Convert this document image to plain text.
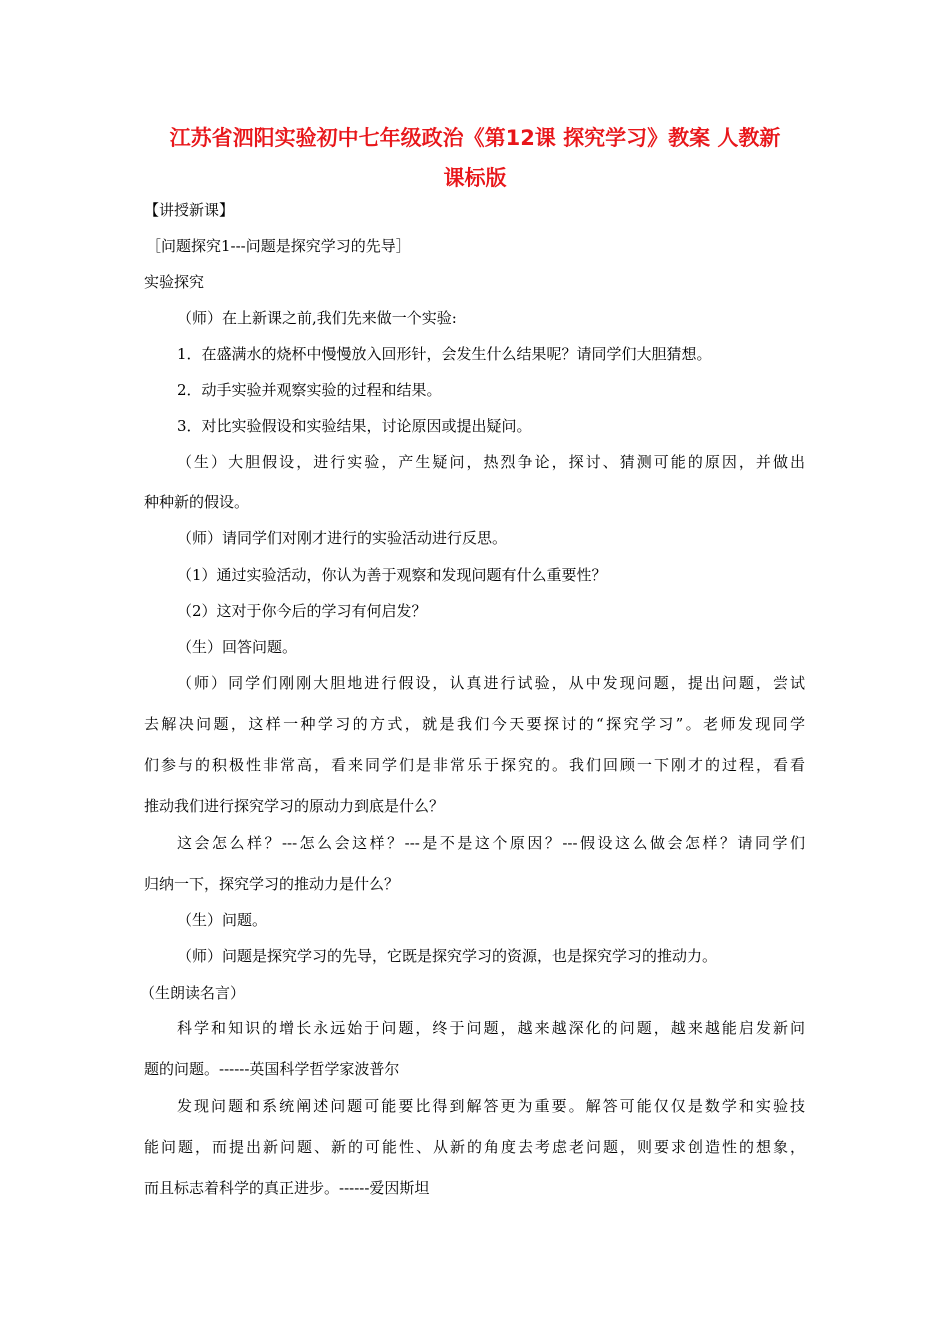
江苏省泗阳实验初中七年级政治《第12课 探究学习》教案 人教新
课标版
【讲授新课】
［问题探究1---问题是探究学习的先导］
实验探究
（师）在上新课之前,我们先来做一个实验:
1．在盛满水的烧杯中慢慢放入回形针，会发生什么结果呢？请同学们大胆猜想。
2．动手实验并观察实验的过程和结果。
3．对比实验假设和实验结果，讨论原因或提出疑问。
（生）大胆假设，进行实验，产生疑问，热烈争论，探讨、猜测可能的原因，并做出
种种新的假设。
（师）请同学们对刚才进行的实验活动进行反思。
（1）通过实验活动，你认为善于观察和发现问题有什么重要性？
（2）这对于你今后的学习有何启发？
（生）回答问题。
（师）同学们刚刚大胆地进行假设，认真进行试验，从中发现问题，提出问题，尝试
去解决问题，这样一种学习的方式，就是我们今天要探讨的“探究学习”。老师发现同学
们参与的积极性非常高，看来同学们是非常乐于探究的。我们回顾一下刚才的过程，看看
推动我们进行探究学习的原动力到底是什么？
这会怎么样？---怎么会这样？---是不是这个原因？---假设这么做会怎样？请同学们
归纳一下，探究学习的推动力是什么？
（生）问题。
（师）问题是探究学习的先导，它既是探究学习的资源，也是探究学习的推动力。
（生朗读名言）
科学和知识的增长永远始于问题，终于问题，越来越深化的问题，越来越能启发新问
题的问题。------英国科学哲学家波普尔
发现问题和系统阐述问题可能要比得到解答更为重要。解答可能仅仅是数学和实验技
能问题，而提出新问题、新的可能性、从新的角度去考虑老问题，则要求创造性的想象，
而且标志着科学的真正进步。------爱因斯坦
